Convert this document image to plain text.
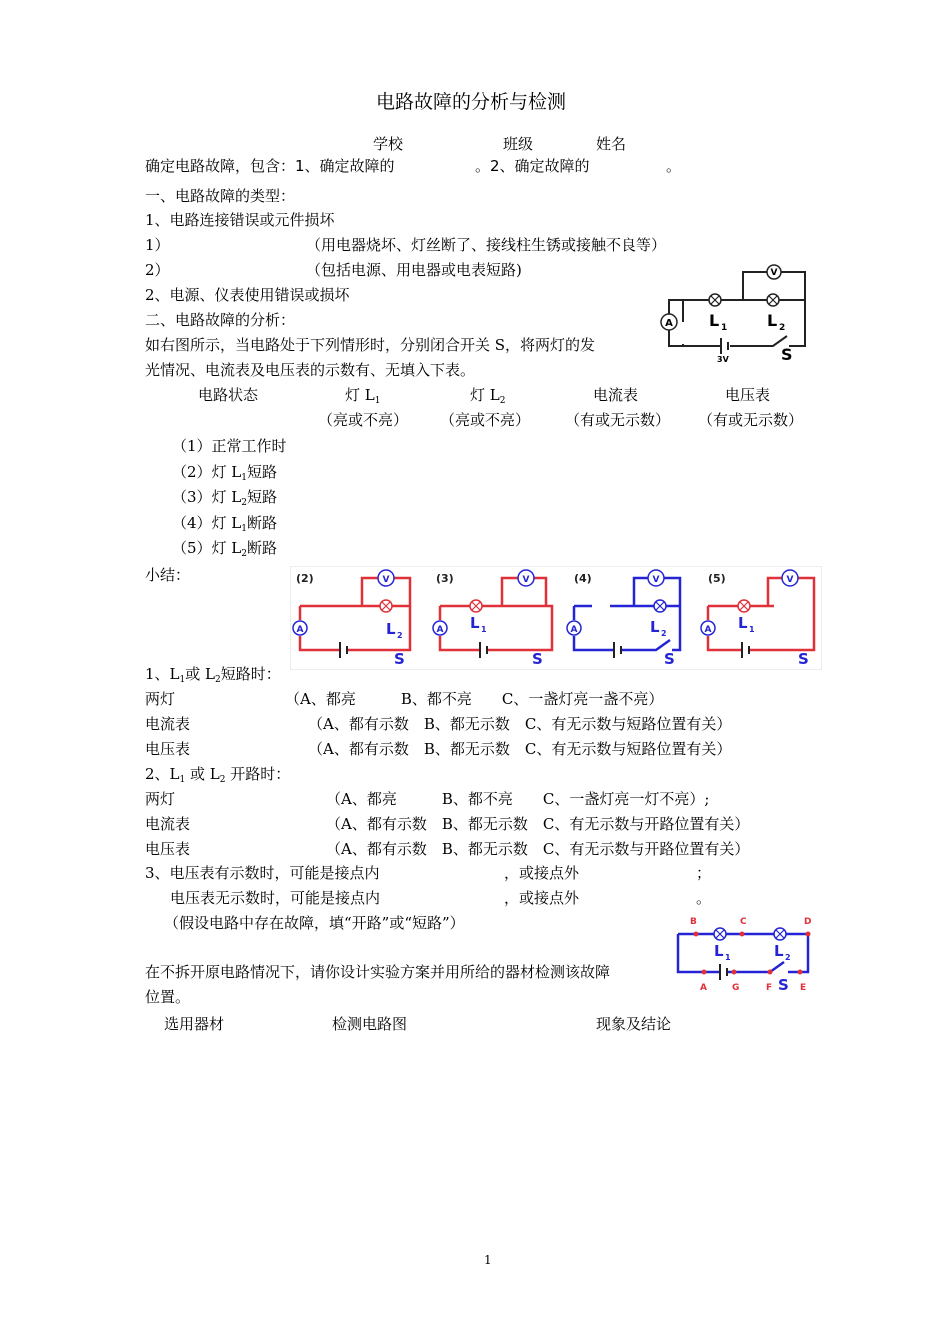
电路故障的分析与检测
学校	班级	姓名
确定电路故障，包含：1、确定故障的	。2、确定故障的	。
一、电路故障的类型：
1、电路连接错误或元件损坏
1）	（用电器烧坏、灯丝断了、接线柱生锈或接触不良等）
2）	（包括电源、用电器或电表短路)
2、电源、仪表使用错误或损坏
二、电路故障的分析：
如右图所示，当电路处于下列情形时，分别闭合开关 S，将两灯的发
光情况、电流表及电压表的示数有、无填入下表。
A
V
L 1 L 2
3V	S
电路状态	灯 $L_1$	灯 $L_2$	电流表	电压表
（亮或不亮） （亮或不亮） （有或无示数） （有或无示数）
（1）正常工作时
（2）灯 $L_1$短路
（3）灯 $L_2$短路
（4）灯 $L_1$断路
（5）灯 $L_2$断路
小结：
A
V
L 2
S
(2)
A
V
L 1
S
(3)
A
V
L 2
S
(4)
A
V
L 1
S
(5)
1、$L_1$或 $L_2$短路时：
两灯	（A、都亮　　　B、都不亮　　C、一盏灯亮一盏不亮）
电流表	（A、都有示数　B、都无示数　C、有无示数与短路位置有关）
电压表	（A、都有示数　B、都无示数　C、有无示数与短路位置有关）
2、$L_1$ 或 $L_2$ 开路时：
两灯	（A、都亮　　　B、都不亮　　C、一盏灯亮一灯不亮）;
电流表	（A、都有示数　B、都无示数　C、有无示数与开路位置有关）
电压表	（A、都有示数　B、都无示数　C、有无示数与开路位置有关）
3、电压表有示数时，可能是接点内	，或接点外	；
电压表无示数时，可能是接点内	，或接点外	。
（假设电路中存在故障，填“开路”或“短路”）
L 1	L 2
S
B	C	D
E
F
G
A
在不拆开原电路情况下，请你设计实验方案并用所给的器材检测该故障
位置。
选用器材	检测电路图	现象及结论
1
